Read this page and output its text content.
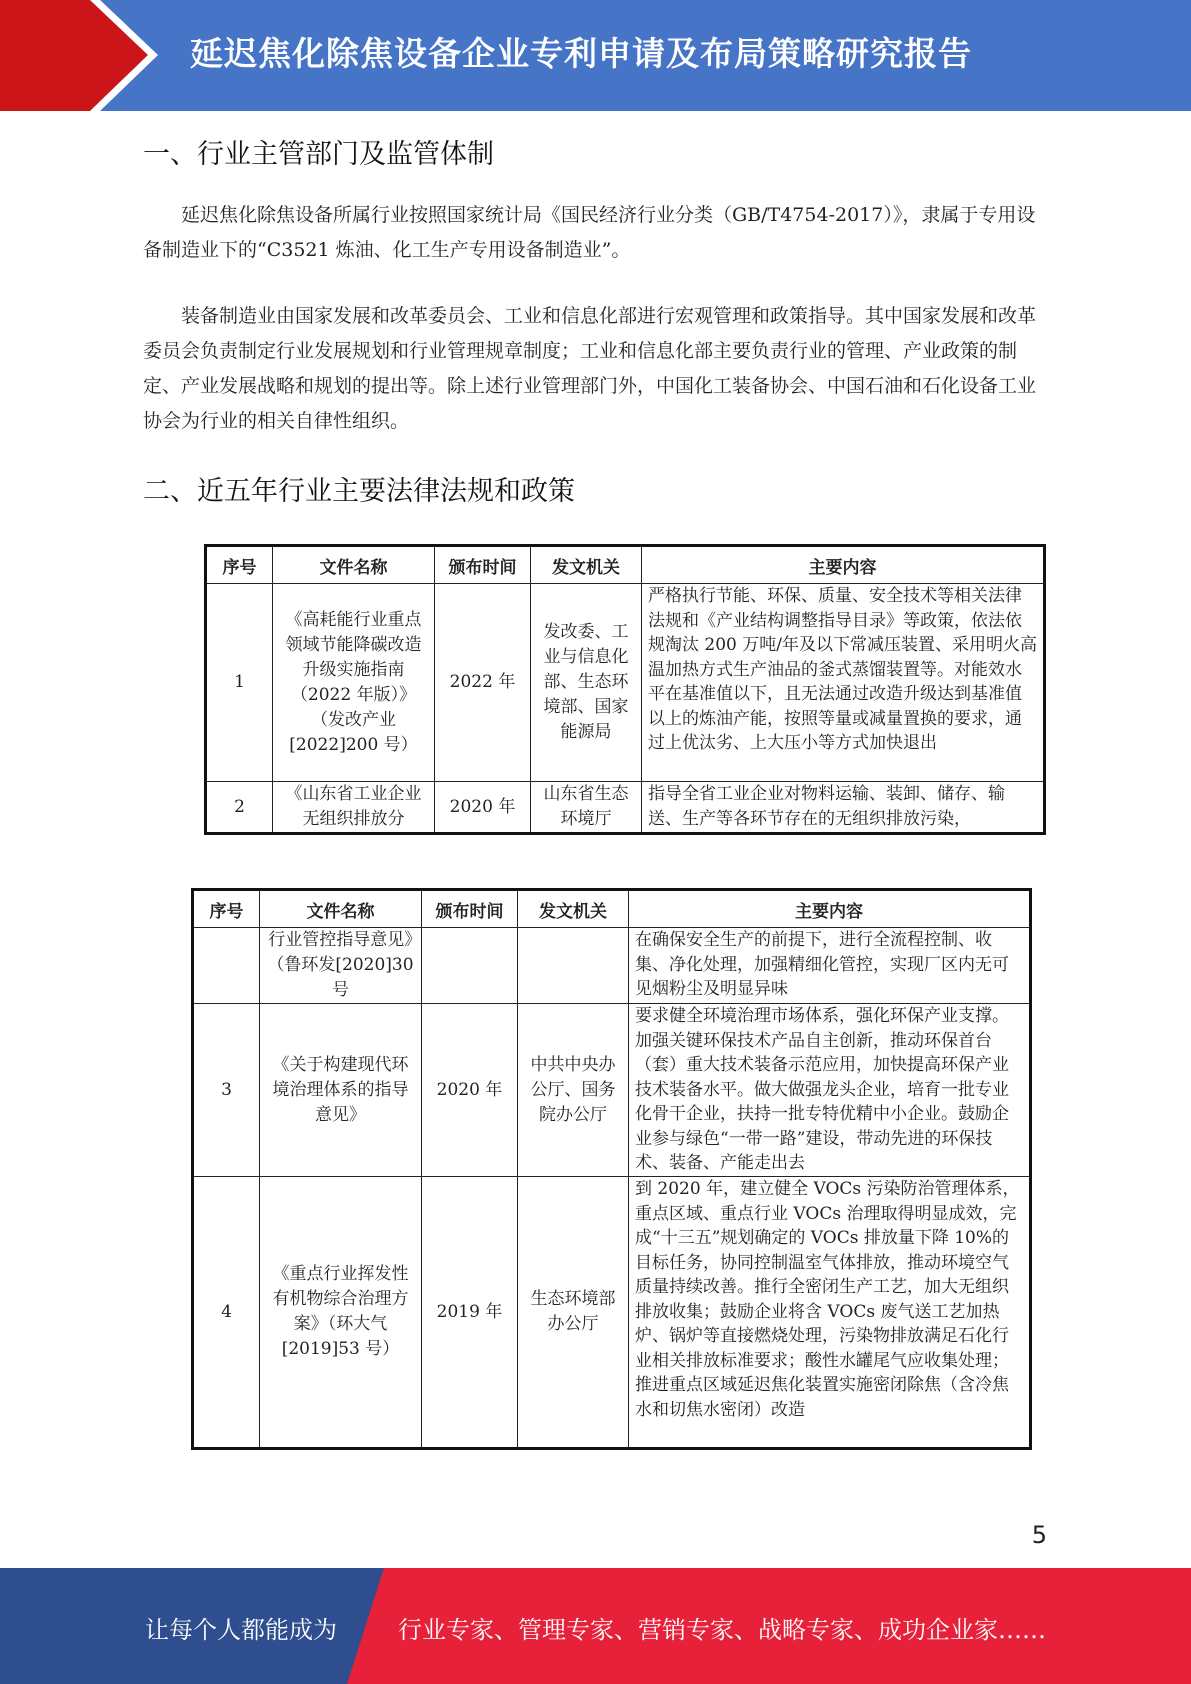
延迟焦化除焦设备企业专利申请及布局策略研究报告
一、行业主管部门及监管体制

延迟焦化除焦设备所属行业按照国家统计局《国民经济行业分类（GB/T4754-2017）》，隶属于专用设备制造业下的“C3521 炼油、化工生产专用设备制造业”。

装备制造业由国家发展和改革委员会、工业和信息化部进行宏观管理和政策指导。其中国家发展和改革委员会负责制定行业发展规划和行业管理规章制度；工业和信息化部主要负责行业的管理、产业政策的制定、产业发展战略和规划的提出等。除上述行业管理部门外，中国化工装备协会、中国石油和石化设备工业协会为行业的相关自律性组织。

二、近五年行业主要法律法规和政策
序号	文件名称	颁布时间	发文机关	主要内容
1	《高耗能行业重点领域节能降碳改造升级实施指南（2022 年版）》（发改产业[2022]200 号）	2022 年	发改委、工业与信息化部、生态环境部、国家能源局	严格执行节能、环保、质量、安全技术等相关法律法规和《产业结构调整指导目录》等政策，依法依规淘汰 200 万吨/年及以下常减压装置、采用明火高温加热方式生产油品的釜式蒸馏装置等。对能效水平在基准值以下，且无法通过改造升级达到基准值以上的炼油产能，按照等量或减量置换的要求，通过上优汰劣、上大压小等方式加快退出
2	《山东省工业企业无组织排放分	2020 年	山东省生态环境厅	指导全省工业企业对物料运输、装卸、储存、输送、生产等各环节存在的无组织排放污染，
序号	文件名称	颁布时间	发文机关	主要内容
	行业管控指导意见》（鲁环发[2020]30 号			在确保安全生产的前提下，进行全流程控制、收集、净化处理，加强精细化管控，实现厂区内无可见烟粉尘及明显异味
3	《关于构建现代环境治理体系的指导意见》	2020 年	中共中央办公厅、国务院办公厅	要求健全环境治理市场体系，强化环保产业支撑。加强关键环保技术产品自主创新，推动环保首台（套）重大技术装备示范应用，加快提高环保产业技术装备水平。做大做强龙头企业，培育一批专业化骨干企业，扶持一批专特优精中小企业。鼓励企业参与绿色“一带一路”建设，带动先进的环保技术、装备、产能走出去
4	《重点行业挥发性有机物综合治理方案》（环大气[2019]53 号）	2019 年	生态环境部办公厅	到 2020 年，建立健全 VOCs 污染防治管理体系，重点区域、重点行业 VOCs 治理取得明显成效，完成“十三五”规划确定的 VOCs 排放量下降 10%的目标任务，协同控制温室气体排放，推动环境空气质量持续改善。推行全密闭生产工艺，加大无组织排放收集；鼓励企业将含 VOCs 废气送工艺加热炉、锅炉等直接燃烧处理，污染物排放满足石化行业相关排放标准要求；酸性水罐尾气应收集处理；推进重点区域延迟焦化装置实施密闭除焦（含冷焦水和切焦水密闭）改造
5
让每个人都能成为	行业专家、管理专家、营销专家、战略专家、成功企业家……
